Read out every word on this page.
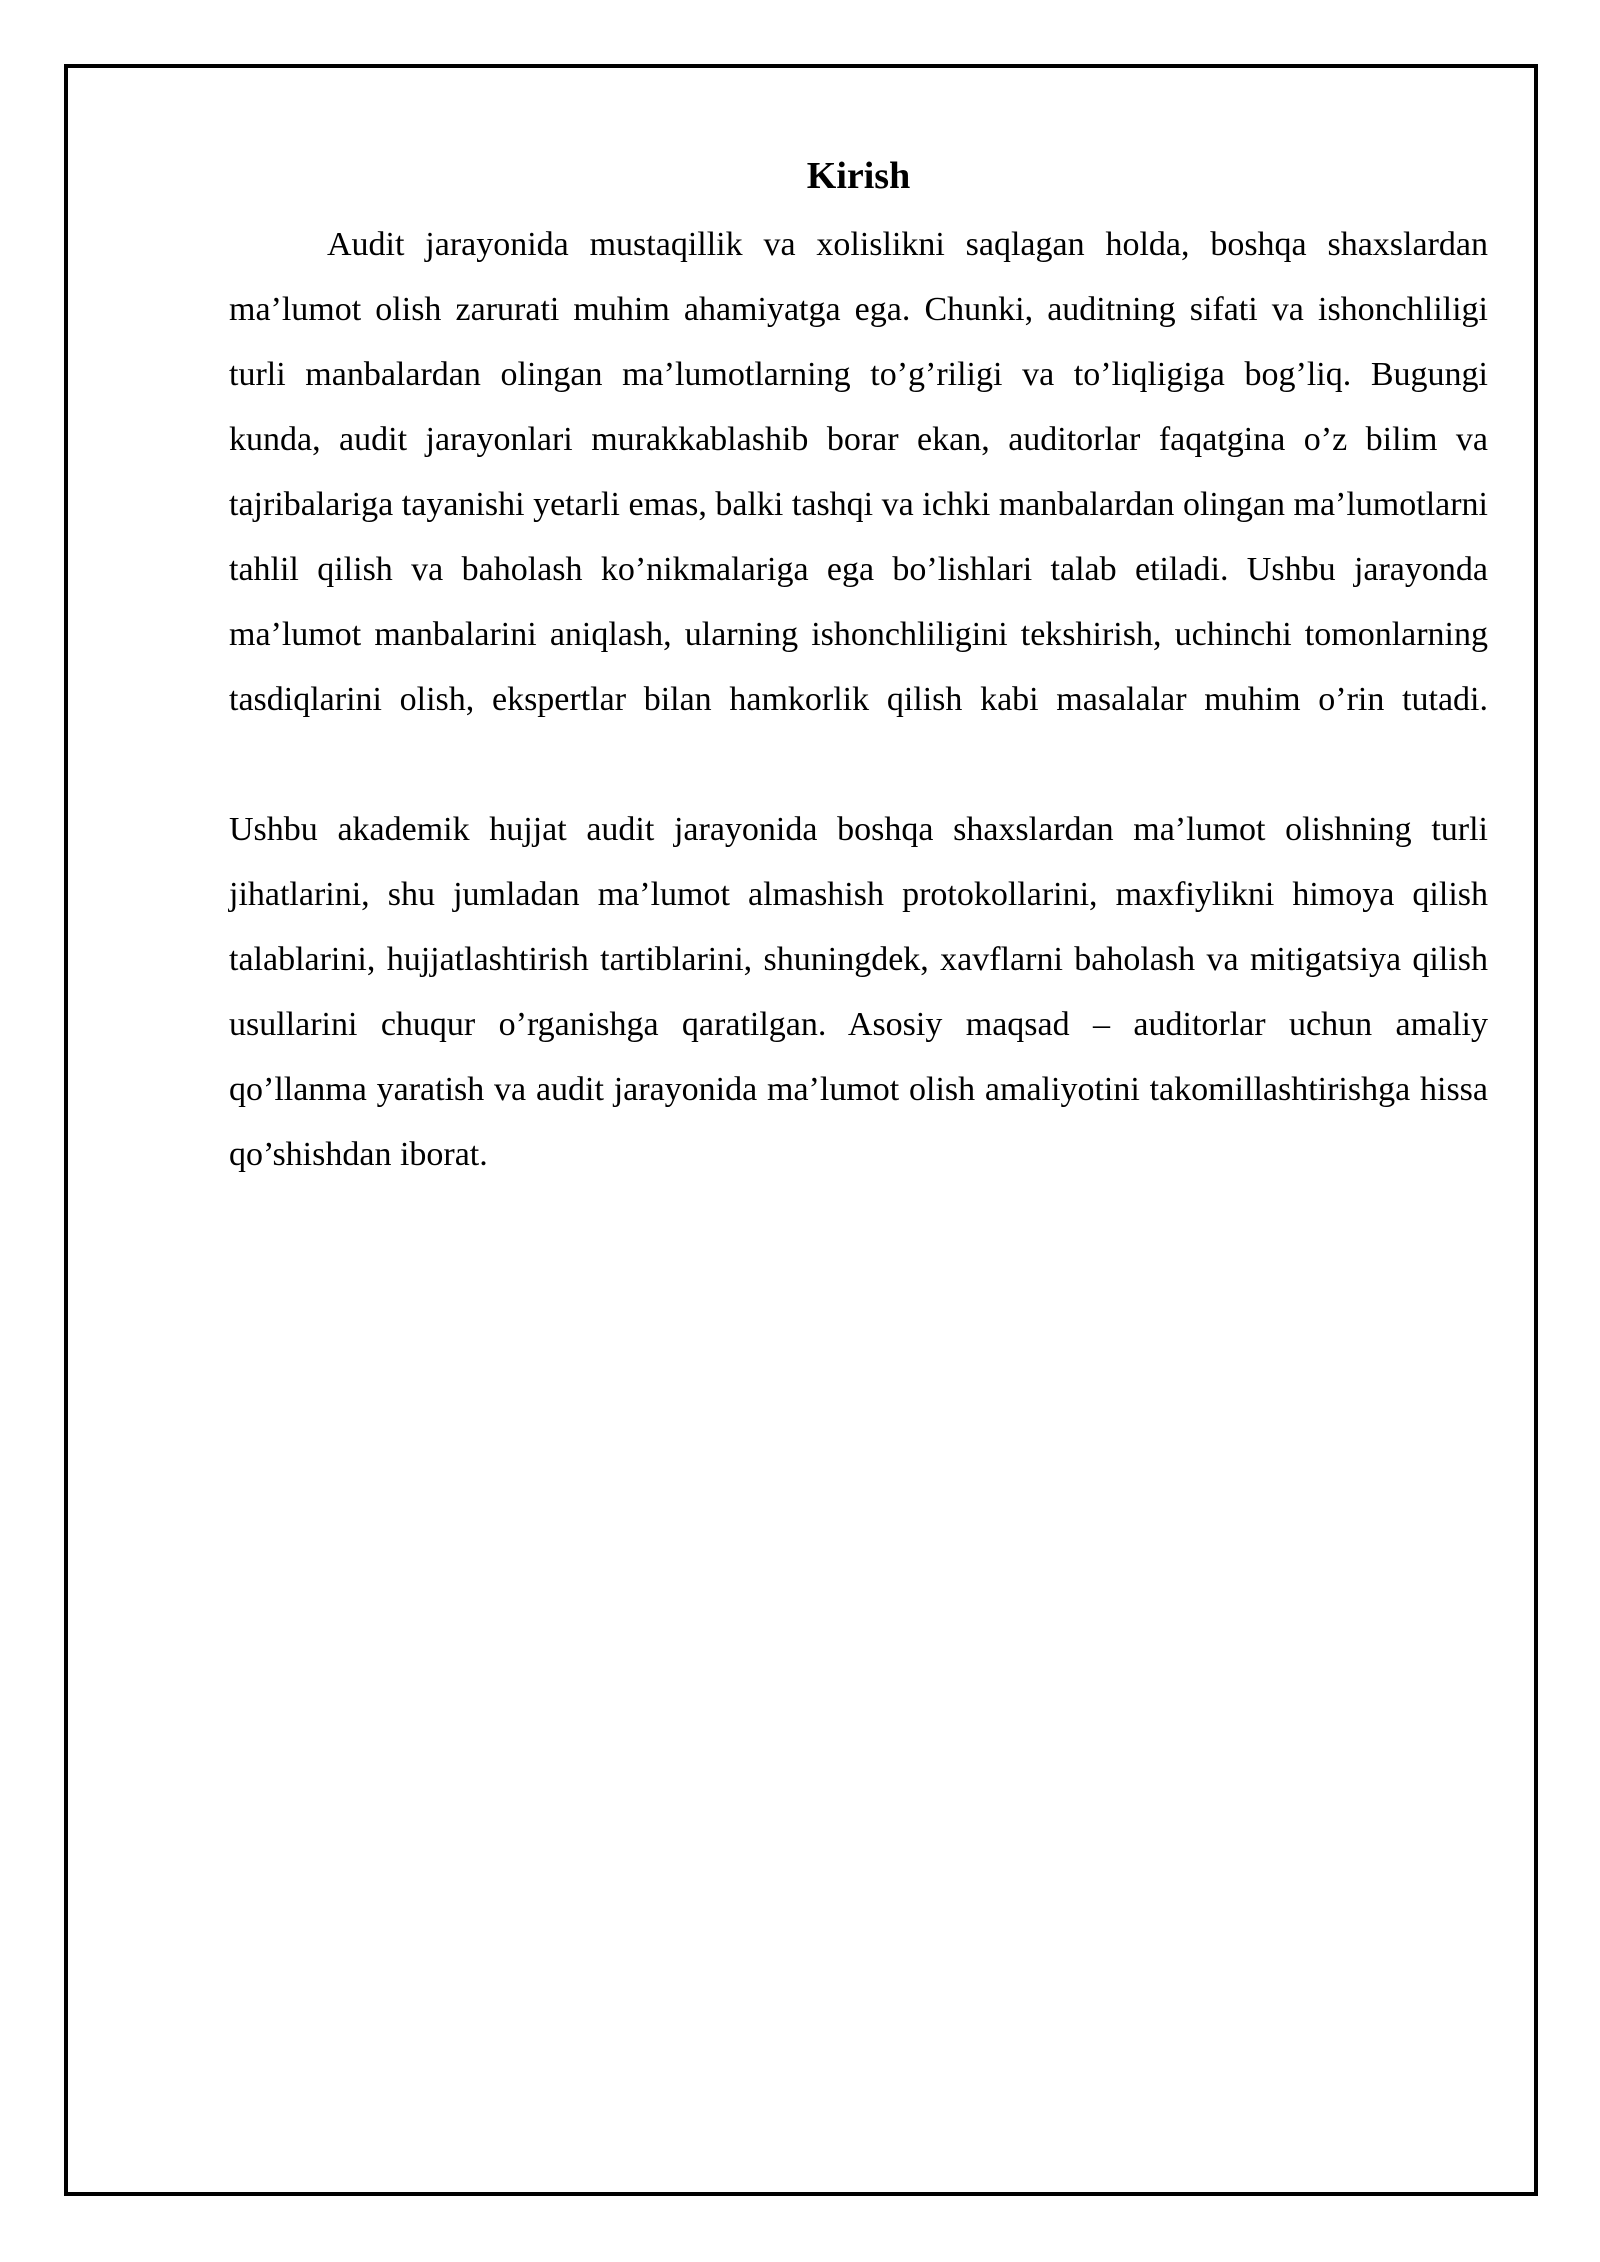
Kirish

Audit jarayonida mustaqillik va xolislikni saqlagan holda, boshqa shaxslardan ma’lumot olish zarurati muhim ahamiyatga ega. Chunki, auditning sifati va ishonchliligi turli manbalardan olingan ma’lumotlarning to’g’riligi va to’liqligiga bog’liq. Bugungi kunda, audit jarayonlari murakkablashib borar ekan, auditorlar faqatgina o’z bilim va tajribalariga tayanishi yetarli emas, balki tashqi va ichki manbalardan olingan ma’lumotlarni tahlil qilish va baholash ko’nikmalariga ega bo’lishlari talab etiladi. Ushbu jarayonda ma’lumot manbalarini aniqlash, ularning ishonchliligini tekshirish, uchinchi tomonlarning tasdiqlarini olish, ekspertlar bilan hamkorlik qilish kabi masalalar muhim o’rin tutadi.

Ushbu akademik hujjat audit jarayonida boshqa shaxslardan ma’lumot olishning turli jihatlarini, shu jumladan ma’lumot almashish protokollarini, maxfiylikni himoya qilish talablarini, hujjatlashtirish tartiblarini, shuningdek, xavflarni baholash va mitigatsiya qilish usullarini chuqur o’rganishga qaratilgan. Asosiy maqsad – auditorlar uchun amaliy qo’llanma yaratish va audit jarayonida ma’lumot olish amaliyotini takomillashtirishga hissa qo’shishdan iborat.
